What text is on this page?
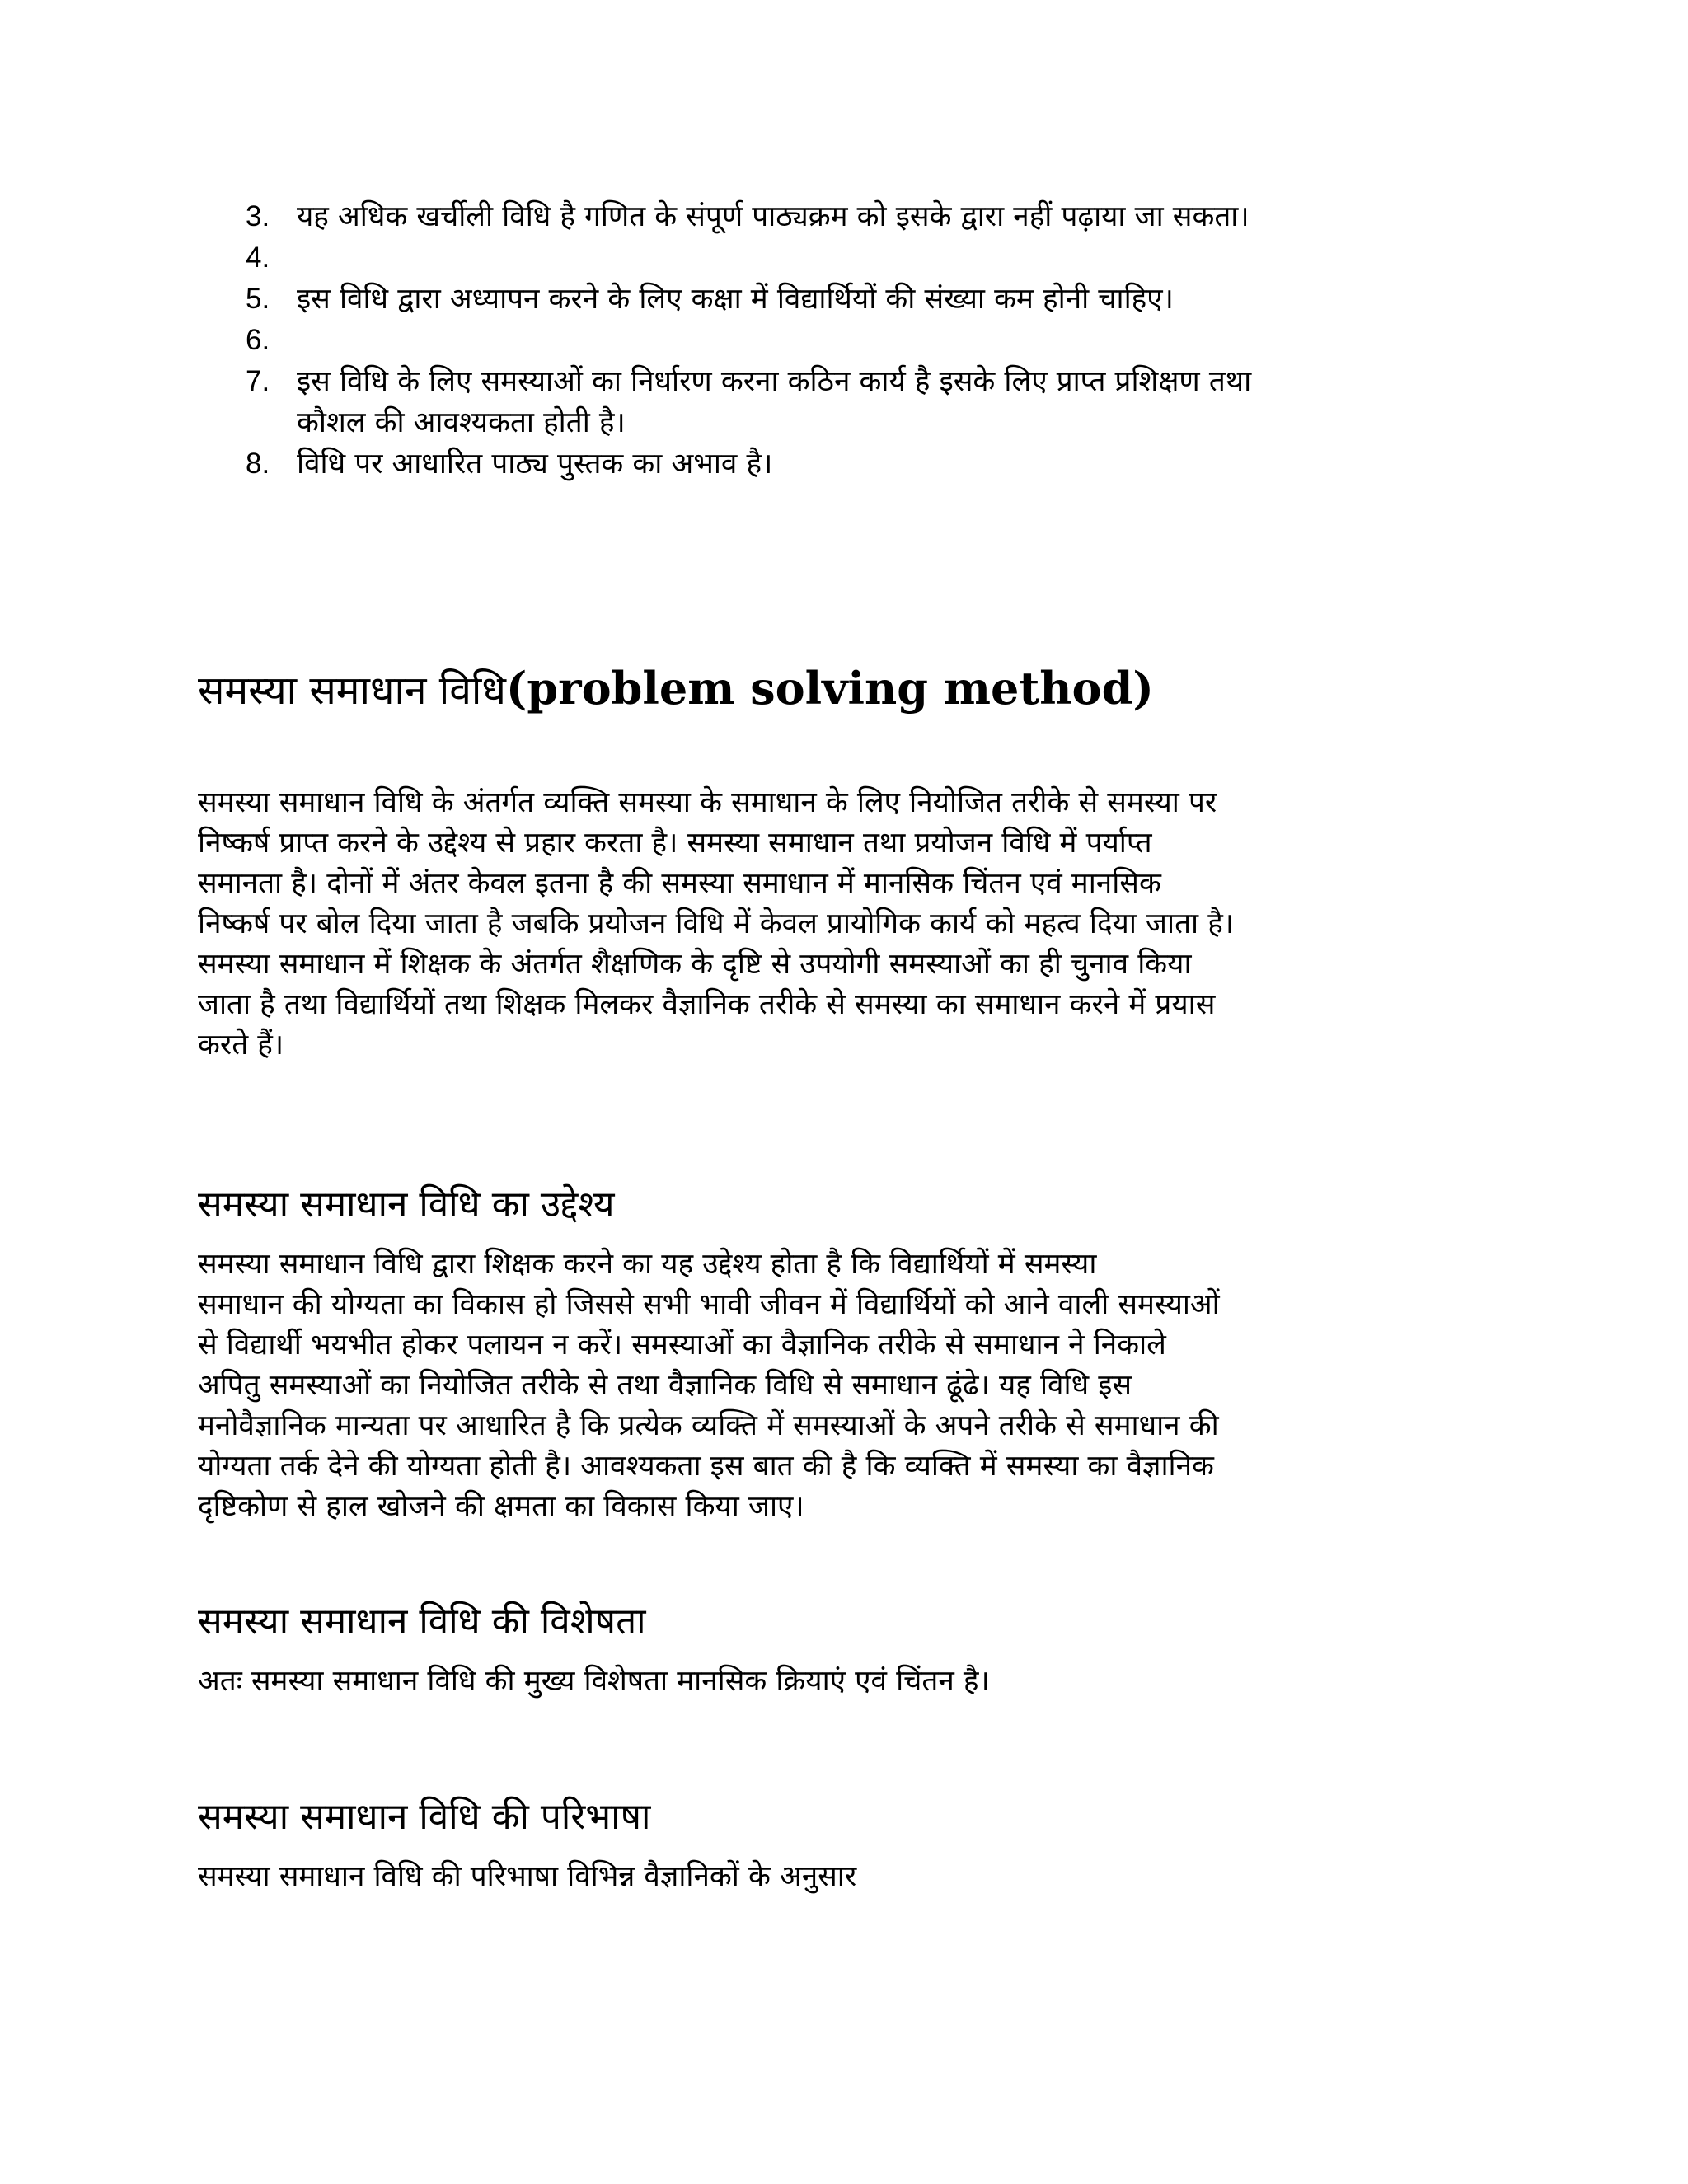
3. यह अधिक खर्चीली विधि है गणित के संपूर्ण पाठ्यक्रम को इसके द्वारा नहीं पढ़ाया जा सकता।
4.
5. इस विधि द्वारा अध्यापन करने के लिए कक्षा में विद्यार्थियों की संख्या कम होनी चाहिए।
6.
7. इस विधि के लिए समस्याओं का निर्धारण करना कठिन कार्य है इसके लिए प्राप्त प्रशिक्षण तथा
कौशल की आवश्यकता होती है।
8. विधि पर आधारित पाठ्य पुस्तक का अभाव है।
समस्या समाधान विधि(problem solving method)

समस्या समाधान विधि के अंतर्गत व्यक्ति समस्या के समाधान के लिए नियोजित तरीके से समस्या पर
निष्कर्ष प्राप्त करने के उद्देश्य से प्रहार करता है। समस्या समाधान तथा प्रयोजन विधि में पर्याप्त
समानता है। दोनों में अंतर केवल इतना है की समस्या समाधान में मानसिक चिंतन एवं मानसिक
निष्कर्ष पर बोल दिया जाता है जबकि प्रयोजन विधि में केवल प्रायोगिक कार्य को महत्व दिया जाता है।
समस्या समाधान में शिक्षक के अंतर्गत शैक्षणिक के दृष्टि से उपयोगी समस्याओं का ही चुनाव किया
जाता है तथा विद्यार्थियों तथा शिक्षक मिलकर वैज्ञानिक तरीके से समस्या का समाधान करने में प्रयास
करते हैं।

समस्या समाधान विधि का उद्देश्य

समस्या समाधान विधि द्वारा शिक्षक करने का यह उद्देश्य होता है कि विद्यार्थियों में समस्या
समाधान की योग्यता का विकास हो जिससे सभी भावी जीवन में विद्यार्थियों को आने वाली समस्याओं
से विद्यार्थी भयभीत होकर पलायन न करें। समस्याओं का वैज्ञानिक तरीके से समाधान ने निकाले
अपितु समस्याओं का नियोजित तरीके से तथा वैज्ञानिक विधि से समाधान ढूंढे। यह विधि इस
मनोवैज्ञानिक मान्यता पर आधारित है कि प्रत्येक व्यक्ति में समस्याओं के अपने तरीके से समाधान की
योग्यता तर्क देने की योग्यता होती है। आवश्यकता इस बात की है कि व्यक्ति में समस्या का वैज्ञानिक
दृष्टिकोण से हाल खोजने की क्षमता का विकास किया जाए।

समस्या समाधान विधि की विशेषता

अतः समस्या समाधान विधि की मुख्य विशेषता मानसिक क्रियाएं एवं चिंतन है।

समस्या समाधान विधि की परिभाषा

समस्या समाधान विधि की परिभाषा विभिन्न वैज्ञानिकों के अनुसार
